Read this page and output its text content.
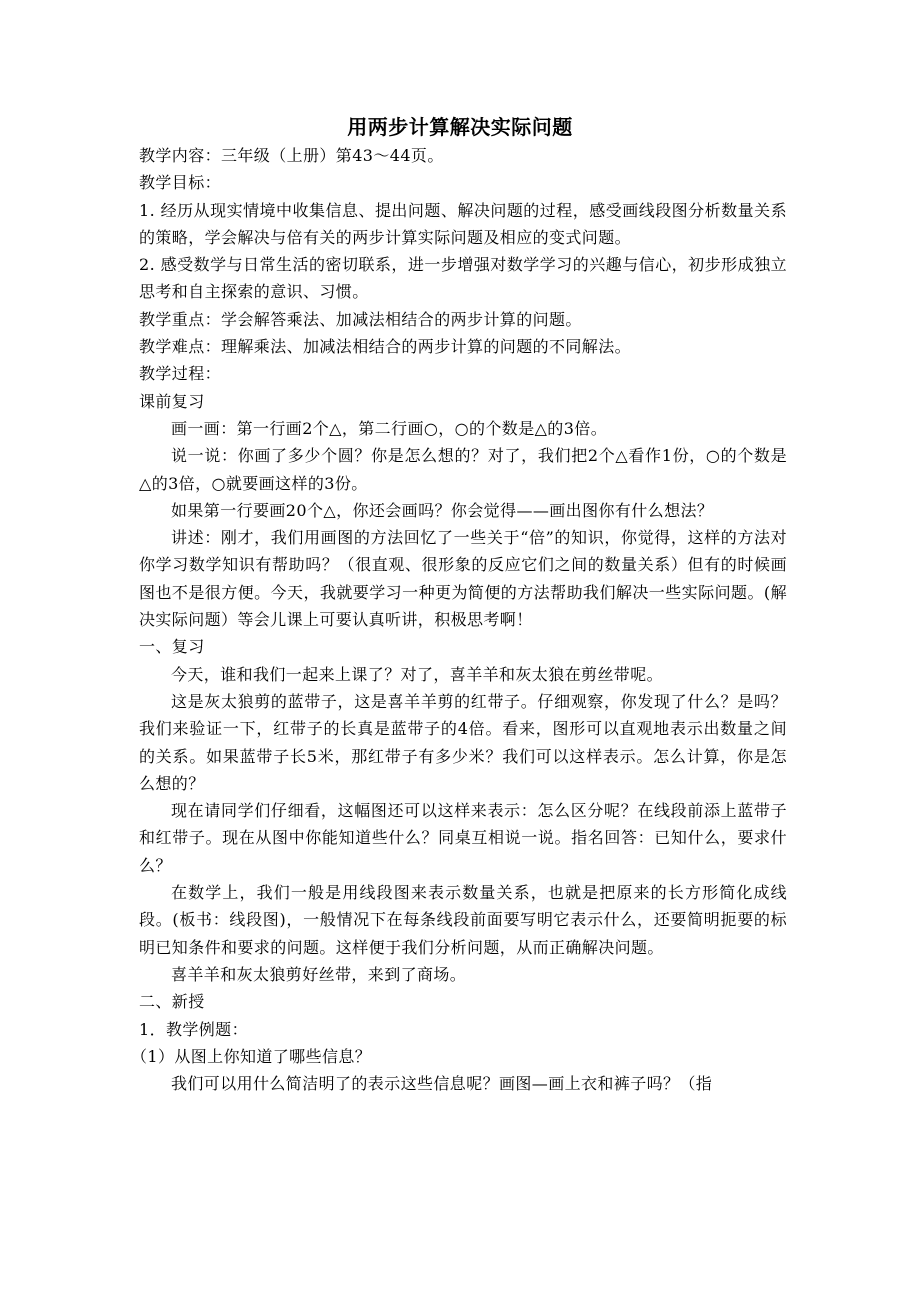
用两步计算解决实际问题

教学内容：三年级（上册）第43～44页。

教学目标：

1. 经历从现实情境中收集信息、提出问题、解决问题的过程，感受画线段图分析数量关系的策略，学会解决与倍有关的两步计算实际问题及相应的变式问题。

2. 感受数学与日常生活的密切联系，进一步增强对数学学习的兴趣与信心，初步形成独立思考和自主探索的意识、习惯。

教学重点：学会解答乘法、加减法相结合的两步计算的问题。

教学难点：理解乘法、加减法相结合的两步计算的问题的不同解法。

教学过程：

课前复习

画一画：第一行画2个△，第二行画○，○的个数是△的3倍。

说一说：你画了多少个圆？你是怎么想的？对了，我们把2个△看作1份，○的个数是△的3倍，○就要画这样的3份。

如果第一行要画20个△，你还会画吗？你会觉得——画出图你有什么想法？

讲述：刚才，我们用画图的方法回忆了一些关于“倍”的知识，你觉得，这样的方法对你学习数学知识有帮助吗？（很直观、很形象的反应它们之间的数量关系）但有的时候画图也不是很方便。今天，我就要学习一种更为简便的方法帮助我们解决一些实际问题。(解决实际问题）等会儿课上可要认真听讲，积极思考啊！

一、复习

今天，谁和我们一起来上课了？对了，喜羊羊和灰太狼在剪丝带呢。

这是灰太狼剪的蓝带子，这是喜羊羊剪的红带子。仔细观察，你发现了什么？是吗？我们来验证一下，红带子的长真是蓝带子的4倍。看来，图形可以直观地表示出数量之间的关系。如果蓝带子长5米，那红带子有多少米？我们可以这样表示。怎么计算，你是怎么想的？

现在请同学们仔细看，这幅图还可以这样来表示：怎么区分呢？在线段前添上蓝带子和红带子。现在从图中你能知道些什么？同桌互相说一说。指名回答：已知什么，要求什么？

在数学上，我们一般是用线段图来表示数量关系，也就是把原来的长方形简化成线段。(板书：线段图)，一般情况下在每条线段前面要写明它表示什么，还要简明扼要的标明已知条件和要求的问题。这样便于我们分析问题，从而正确解决问题。

喜羊羊和灰太狼剪好丝带，来到了商场。

二、新授

1．教学例题：

（1）从图上你知道了哪些信息？

我们可以用什么简洁明了的表示这些信息呢？画图—画上衣和裤子吗？（指
